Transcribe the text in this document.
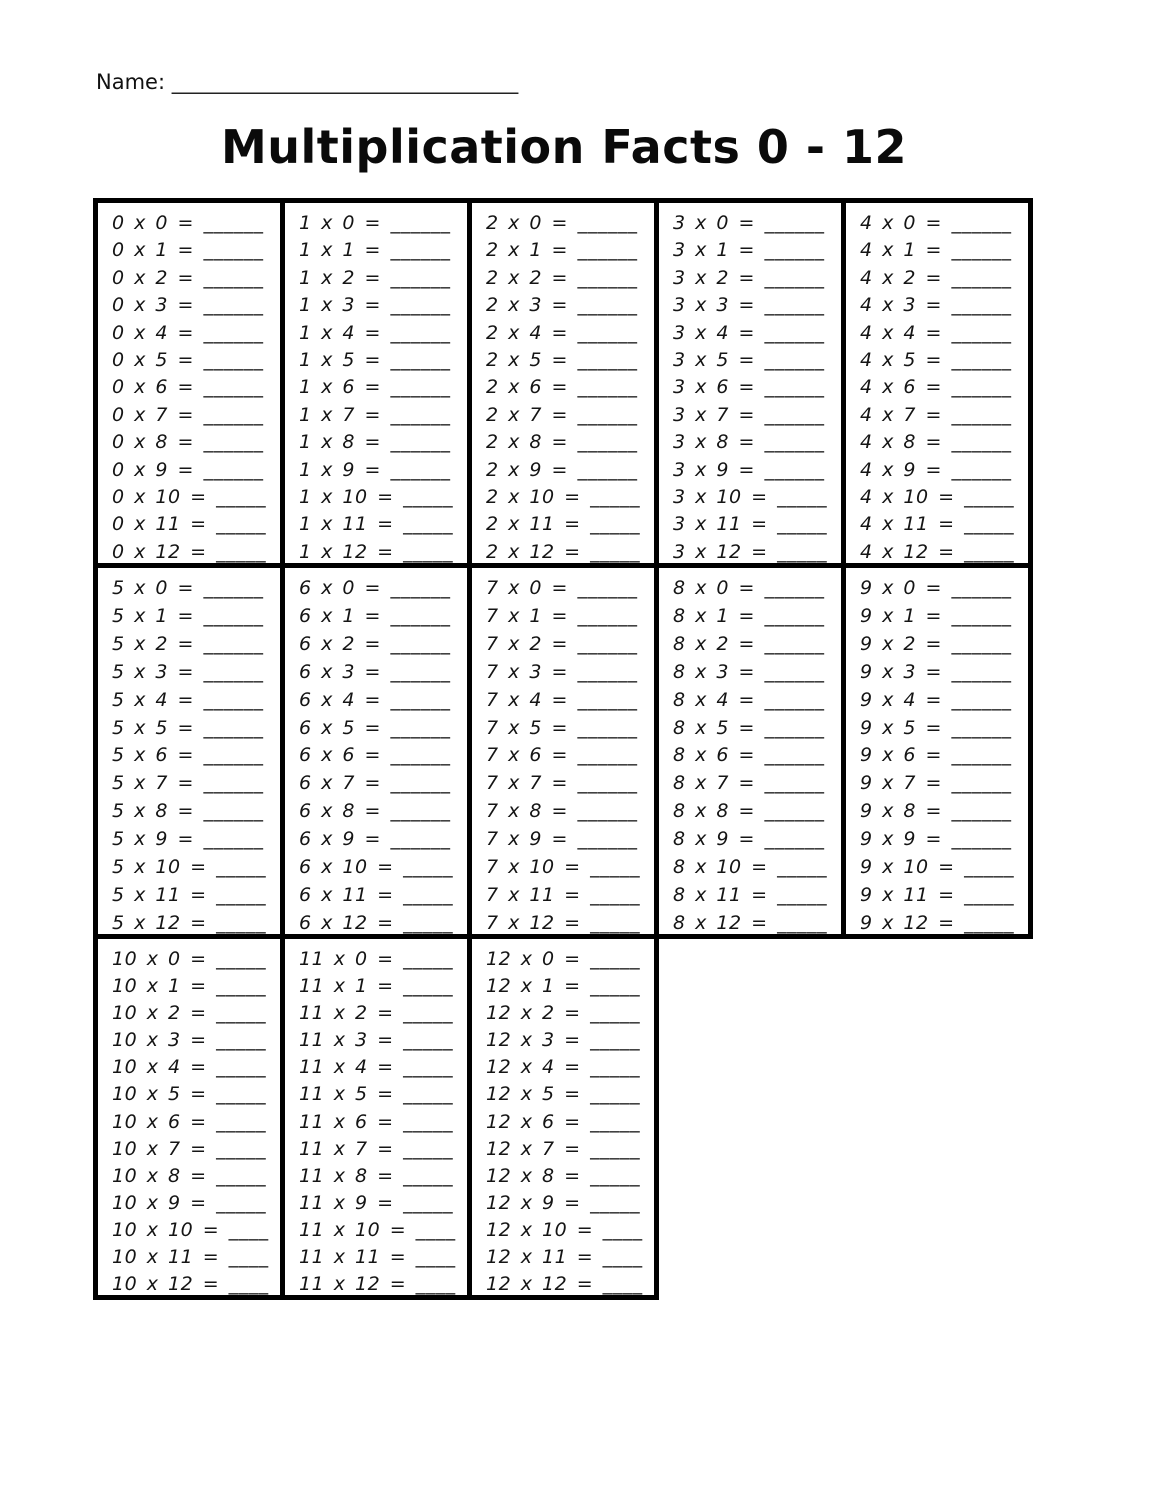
Name: _________________________________
Multiplication Facts 0 - 12
0 x 0 = ______
0 x 1 = ______
0 x 2 = ______
0 x 3 = ______
0 x 4 = ______
0 x 5 = ______
0 x 6 = ______
0 x 7 = ______
0 x 8 = ______
0 x 9 = ______
0 x 10 = _____
0 x 11 = _____
0 x 12 = _____
1 x 0 = ______
1 x 1 = ______
1 x 2 = ______
1 x 3 = ______
1 x 4 = ______
1 x 5 = ______
1 x 6 = ______
1 x 7 = ______
1 x 8 = ______
1 x 9 = ______
1 x 10 = _____
1 x 11 = _____
1 x 12 = _____
2 x 0 = ______
2 x 1 = ______
2 x 2 = ______
2 x 3 = ______
2 x 4 = ______
2 x 5 = ______
2 x 6 = ______
2 x 7 = ______
2 x 8 = ______
2 x 9 = ______
2 x 10 = _____
2 x 11 = _____
2 x 12 = _____
3 x 0 = ______
3 x 1 = ______
3 x 2 = ______
3 x 3 = ______
3 x 4 = ______
3 x 5 = ______
3 x 6 = ______
3 x 7 = ______
3 x 8 = ______
3 x 9 = ______
3 x 10 = _____
3 x 11 = _____
3 x 12 = _____
4 x 0 = ______
4 x 1 = ______
4 x 2 = ______
4 x 3 = ______
4 x 4 = ______
4 x 5 = ______
4 x 6 = ______
4 x 7 = ______
4 x 8 = ______
4 x 9 = ______
4 x 10 = _____
4 x 11 = _____
4 x 12 = _____
5 x 0 = ______
5 x 1 = ______
5 x 2 = ______
5 x 3 = ______
5 x 4 = ______
5 x 5 = ______
5 x 6 = ______
5 x 7 = ______
5 x 8 = ______
5 x 9 = ______
5 x 10 = _____
5 x 11 = _____
5 x 12 = _____
6 x 0 = ______
6 x 1 = ______
6 x 2 = ______
6 x 3 = ______
6 x 4 = ______
6 x 5 = ______
6 x 6 = ______
6 x 7 = ______
6 x 8 = ______
6 x 9 = ______
6 x 10 = _____
6 x 11 = _____
6 x 12 = _____
7 x 0 = ______
7 x 1 = ______
7 x 2 = ______
7 x 3 = ______
7 x 4 = ______
7 x 5 = ______
7 x 6 = ______
7 x 7 = ______
7 x 8 = ______
7 x 9 = ______
7 x 10 = _____
7 x 11 = _____
7 x 12 = _____
8 x 0 = ______
8 x 1 = ______
8 x 2 = ______
8 x 3 = ______
8 x 4 = ______
8 x 5 = ______
8 x 6 = ______
8 x 7 = ______
8 x 8 = ______
8 x 9 = ______
8 x 10 = _____
8 x 11 = _____
8 x 12 = _____
9 x 0 = ______
9 x 1 = ______
9 x 2 = ______
9 x 3 = ______
9 x 4 = ______
9 x 5 = ______
9 x 6 = ______
9 x 7 = ______
9 x 8 = ______
9 x 9 = ______
9 x 10 = _____
9 x 11 = _____
9 x 12 = _____
10 x 0 = _____
10 x 1 = _____
10 x 2 = _____
10 x 3 = _____
10 x 4 = _____
10 x 5 = _____
10 x 6 = _____
10 x 7 = _____
10 x 8 = _____
10 x 9 = _____
10 x 10 = ____
10 x 11 = ____
10 x 12 = ____
11 x 0 = _____
11 x 1 = _____
11 x 2 = _____
11 x 3 = _____
11 x 4 = _____
11 x 5 = _____
11 x 6 = _____
11 x 7 = _____
11 x 8 = _____
11 x 9 = _____
11 x 10 = ____
11 x 11 = ____
11 x 12 = ____
12 x 0 = _____
12 x 1 = _____
12 x 2 = _____
12 x 3 = _____
12 x 4 = _____
12 x 5 = _____
12 x 6 = _____
12 x 7 = _____
12 x 8 = _____
12 x 9 = _____
12 x 10 = ____
12 x 11 = ____
12 x 12 = ____
